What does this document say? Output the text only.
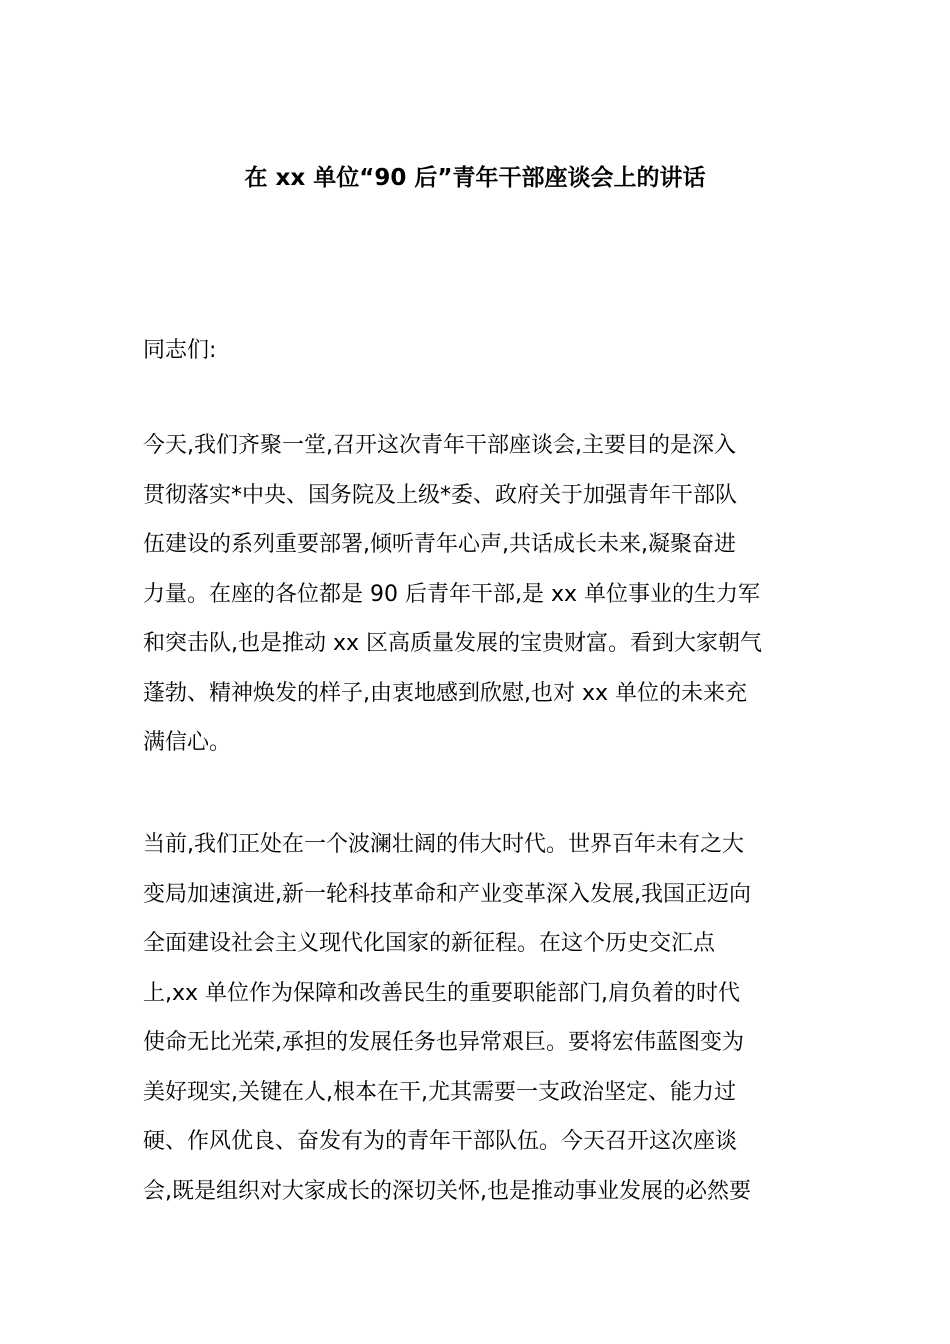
在 xx 单位“90 后”青年干部座谈会上的讲话
同志们:
今天,我们齐聚一堂,召开这次青年干部座谈会,主要目的是深入
贯彻落实*中央、国务院及上级*委、政府关于加强青年干部队
伍建设的系列重要部署,倾听青年心声,共话成长未来,凝聚奋进
力量。在座的各位都是 90 后青年干部,是 xx 单位事业的生力军
和突击队,也是推动 xx 区高质量发展的宝贵财富。看到大家朝气
蓬勃、精神焕发的样子,由衷地感到欣慰,也对 xx 单位的未来充
满信心。
当前,我们正处在一个波澜壮阔的伟大时代。世界百年未有之大
变局加速演进,新一轮科技革命和产业变革深入发展,我国正迈向
全面建设社会主义现代化国家的新征程。在这个历史交汇点
上,xx 单位作为保障和改善民生的重要职能部门,肩负着的时代
使命无比光荣,承担的发展任务也异常艰巨。要将宏伟蓝图变为
美好现实,关键在人,根本在干,尤其需要一支政治坚定、能力过
硬、作风优良、奋发有为的青年干部队伍。今天召开这次座谈
会,既是组织对大家成长的深切关怀,也是推动事业发展的必然要
